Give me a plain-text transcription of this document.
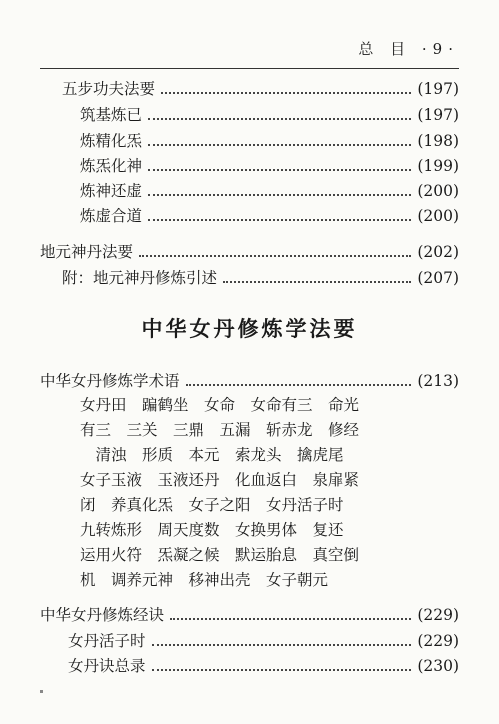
总 目 ·9·
五步功夫法要	(197)
筑基炼已	(197)
炼精化炁	(198)
炼炁化神	(199)
炼神还虚	(200)
炼虚合道	(200)
地元神丹法要	(202)
附：地元神丹修炼引述	(207)
中华女丹修炼学法要
中华女丹修炼学术语	(213)
女丹田　蹁鹤坐　女命　女命有三　命光
有三　三关　三鼎　五漏　斩赤龙　修经
　清浊　形质　本元　索龙头　擒虎尾
女子玉液　玉液还丹　化血返白　泉扉紧
闭　养真化炁　女子之阳　女丹活子时
九转炼形　周天度数　女换男体　复还
运用火符　炁凝之候　默运胎息　真空倒
机　调养元神　移神出壳　女子朝元
中华女丹修炼经诀	(229)
女丹活子时	(229)
女丹诀总录	(230)
